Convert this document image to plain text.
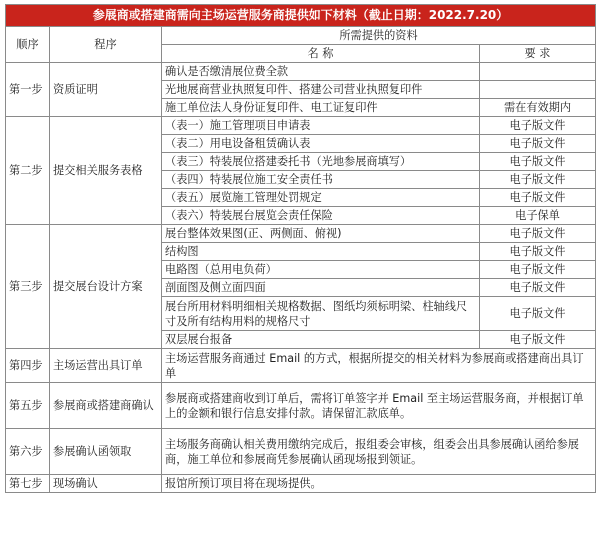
参展商或搭建商需向主场运营服务商提供如下材料（截止日期：2022.7.20）			
顺序	程序	所需提供的资料	
		名 称	要 求
第一步	资质证明	确认是否缴清展位费全款	
		光地展商营业执照复印件、搭建公司营业执照复印件	
		施工单位法人身份证复印件、电工证复印件	需在有效期内
第二步	提交相关服务表格	（表一）施工管理项目申请表	电子版文件
		（表二）用电设备租赁确认表	电子版文件
		（表三）特装展位搭建委托书（光地参展商填写）	电子版文件
		（表四）特装展位施工安全责任书	电子版文件
		（表五）展览施工管理处罚规定	电子版文件
		（表六）特装展台展览会责任保险	电子保单
第三步	提交展台设计方案	展台整体效果图(正、两侧面、俯视)	电子版文件
		结构图	电子版文件
		电路图（总用电负荷）	电子版文件
		剖面图及侧立面四面	电子版文件
		展台所用材料明细相关规格数据、图纸均须标明梁、柱轴线尺寸及所有结构用料的规格尺寸	电子版文件
		双层展台报备	电子版文件
第四步	主场运营出具订单	主场运营服务商通过 Email 的方式，根据所提交的相关材料为参展商或搭建商出具订单	
第五步	参展商或搭建商确认	参展商或搭建商收到订单后，需将订单签字并 Email 至主场运营服务商，并根据订单上的金额和银行信息安排付款。请保留汇款底单。	
第六步	参展确认函领取	主场服务商确认相关费用缴纳完成后，报组委会审核，组委会出具参展确认函给参展商，施工单位和参展商凭参展确认函现场报到领证。	
第七步	现场确认	报馆所预订项目将在现场提供。	
